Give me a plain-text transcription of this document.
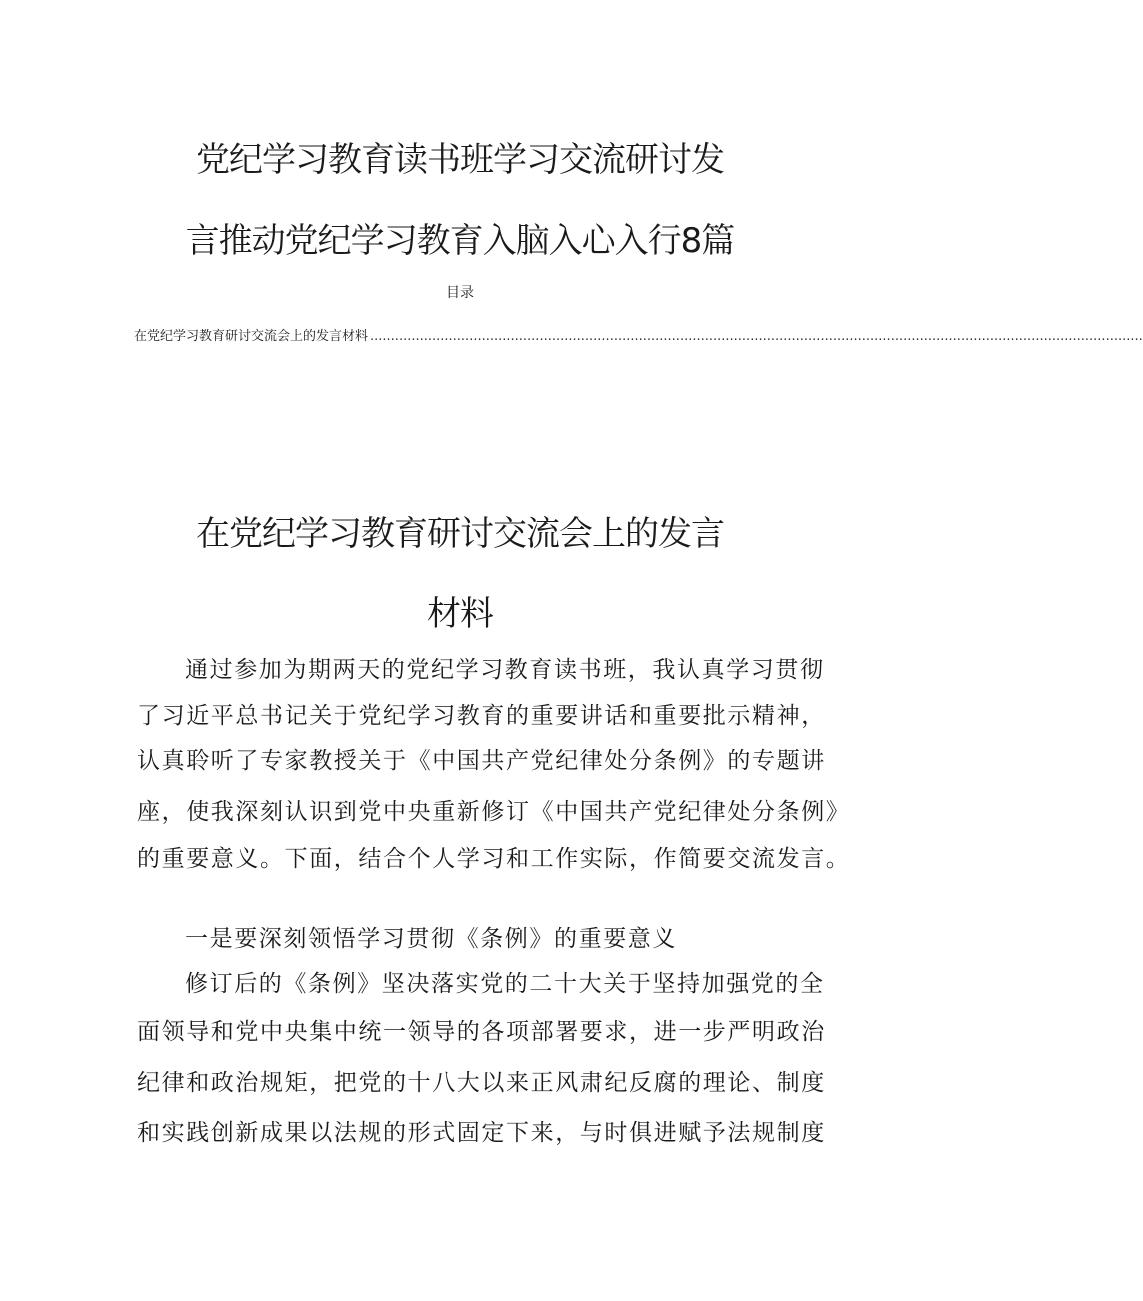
党纪学习教育读书班学习交流研讨发
言推动党纪学习教育入脑入心入行8篇
目录
在党纪学习教育研讨交流会上的发言材料 ...........................................................................................................................................................................................
在党纪学习教育研讨交流会上的发言
材料
通过参加为期两天的党纪学习教育读书班，我认真学习贯彻
了习近平总书记关于党纪学习教育的重要讲话和重要批示精神，
认真聆听了专家教授关于《中国共产党纪律处分条例》的专题讲
座，使我深刻认识到党中央重新修订《中国共产党纪律处分条例》
的重要意义。下面，结合个人学习和工作实际，作简要交流发言。
一是要深刻领悟学习贯彻《条例》的重要意义
修订后的《条例》坚决落实党的二十大关于坚持加强党的全
面领导和党中央集中统一领导的各项部署要求，进一步严明政治
纪律和政治规矩，把党的十八大以来正风肃纪反腐的理论、制度
和实践创新成果以法规的形式固定下来，与时俱进赋予法规制度
